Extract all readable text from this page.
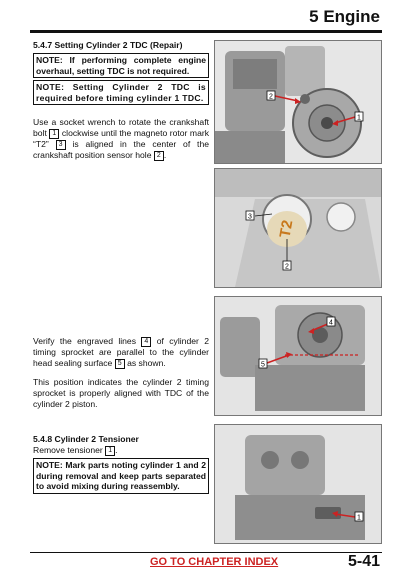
5 Engine
5.4.7 Setting Cylinder 2 TDC (Repair)
NOTE: If performing complete engine overhaul, setting TDC is not required.
NOTE: Setting Cylinder 2 TDC is required before timing cylinder 1 TDC.
Use a socket wrench to rotate the crankshaft bolt 1 clockwise until the magneto rotor mark “T2” 3 is aligned in the center of the crankshaft position sensor hole 2 .
Verify the engraved lines 4 of cylinder 2 timing sprocket are parallel to the cylinder head sealing surface 5 as shown.
This position indicates the cylinder 2 timing sprocket is properly aligned with TDC of the cylinder 2 piston.
5.4.8 Cylinder 2 Tensioner
Remove tensioner 1 .
NOTE: Mark parts noting cylinder 1 and 2 during removal and keep parts separated to avoid mixing during reassembly.
2
1
T2
3
2
4
5
1
GO TO CHAPTER INDEX	5-41
